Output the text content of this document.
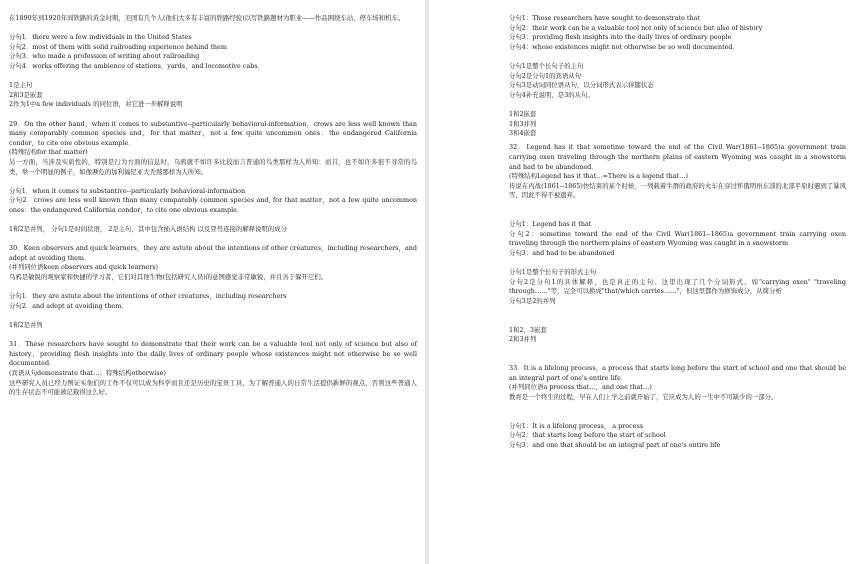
在1890年到1920年间铁路的黄金时期，美国有几个人(他们大多有丰富的铁路经验)以写铁路题材为职业——作品围绕车站、停车场和机车。

分句1．there were a few individuals in the United States

分句2．most of them with solid railroading experience behind them

分句3．who made a profession of writing about railroading

分句4．works offering the ambience of stations，yards，and locomotive cabs．

1是主句

2和3是嵌套

2作为1中a few individuals 的同位语，对它进一步解释说明

29．On the other hand，when it comes to substantive--particularly behavioral-information，crows are less well known than many comparably common species and，for that matter，not a few quite uncommon ones：the endangered California condor，to cite one obvious example．

(特殊结构for that matter)

另一方面，当涉及实质性的，特别是行为方面的信息时，乌鸦就不如许多比较而言普通的鸟类那样为人所知：而且，也不如许多很不寻常的鸟类，举一个明显的例子，如像濒危的加利福尼亚大秃鹫那样为人所知。

分句1．when it comes to substantive--particularly behavioral-information

分句2．crows are less well known than many comparably common species and, for that matter，not a few quite uncommon ones：the endangered California condor，to cite one obvious example．

1和2是并列， 分句1是时间状语， 2是主句，其中包含插入语结构 以及冒号连接的解释说明的成分

30．Keen observers and quick learners，they are astute about the intentions of other creatures，including researchers，and adept at avoiding them．

(并列同位语keen observers and quick learners)

乌鸦是敏锐的观察家和快捷的学习者，它们对其他生物(包括研究人员)的意图感觉非常敏锐，并且善于躲开它们。

分句1．they are astute about the intentions of other creatures，including researchers

分句2．and adept at avoiding them．

1和2是并列

31．These researchers have sought to demonstrate that their work can be a valuable tool not only of science but also of history，providing flesh insights into the daily lives of ordinary people whose existences might not otherwise be so well documented．

(宾语从句demonstrate that…；特殊结构otherwise)

这些研究人员已经力图证实他们的工作不仅可以成为科学而且还是历史的宝贵工具，为了解普通人的日常生活提供新鲜的观点，否则这些普通人的生存状态不可能被记载得这么好。

分句1：These researchers have sought to demonstrate that

分句2：their work can be a valuable tool not only of science but also of history

分句3：providing flesh insights into the daily lives of ordinary people

分句4：whose existences might not otherwise be so well documented．

分句1是整个长句子的主句

分句2是分句1的宾语从句

分句3是动词同位语从句，以分词形式表示伴随状态

分句4补充说明，是3的从句。

1和2嵌套

1和3并列

3和4嵌套

32．Legend has it that sometime toward the end of the Civil War(1861--1865)a government train carrying oxen traveling through the northern plains of eastern Wyoming was caught in a snowstorm and had to be abandoned．

(特殊结构Legend has it that…=There is a legend that…)

传说在内战(1861--1865)快结束的某个时候，一列载着牛群的政府的火车在穿过怀俄明州东部的北部平原时遇到了暴风雪，因此不得不被遗弃。

分句1：Legend has it that

分句2：sometime toward the end of the Civil War(1861--1865)a government train carrying oxen traveling through the northern plains of eastern Wyoming was caught in a snowstorm

分句3：and had to be abandoned

分句1是整个长句子的形式主句

分句2是分句1的具体解释，也是真正的主句。这里出现了几个分词形式，如"carrying oxen" "traveling through……"等，完全可以换成"that/which carries……"，但这里都作为修饰成分，从简分析

分句3是2的并列

1和2、3嵌套

2和3并列

33．It is a lifelong process，a process that starts long before the start of school and one that should be an integral part of one's entire life．

(并列同位语a process that…，and one that…)

教育是一个终生的过程，早在人们上学之前就开始了，它应成为人的一生中不可缺少的一部分。

分句1：It is a lifelong process， a process

分句2：that starts long before the start of school

分句3：and one that should be an integral part of one's entire life
